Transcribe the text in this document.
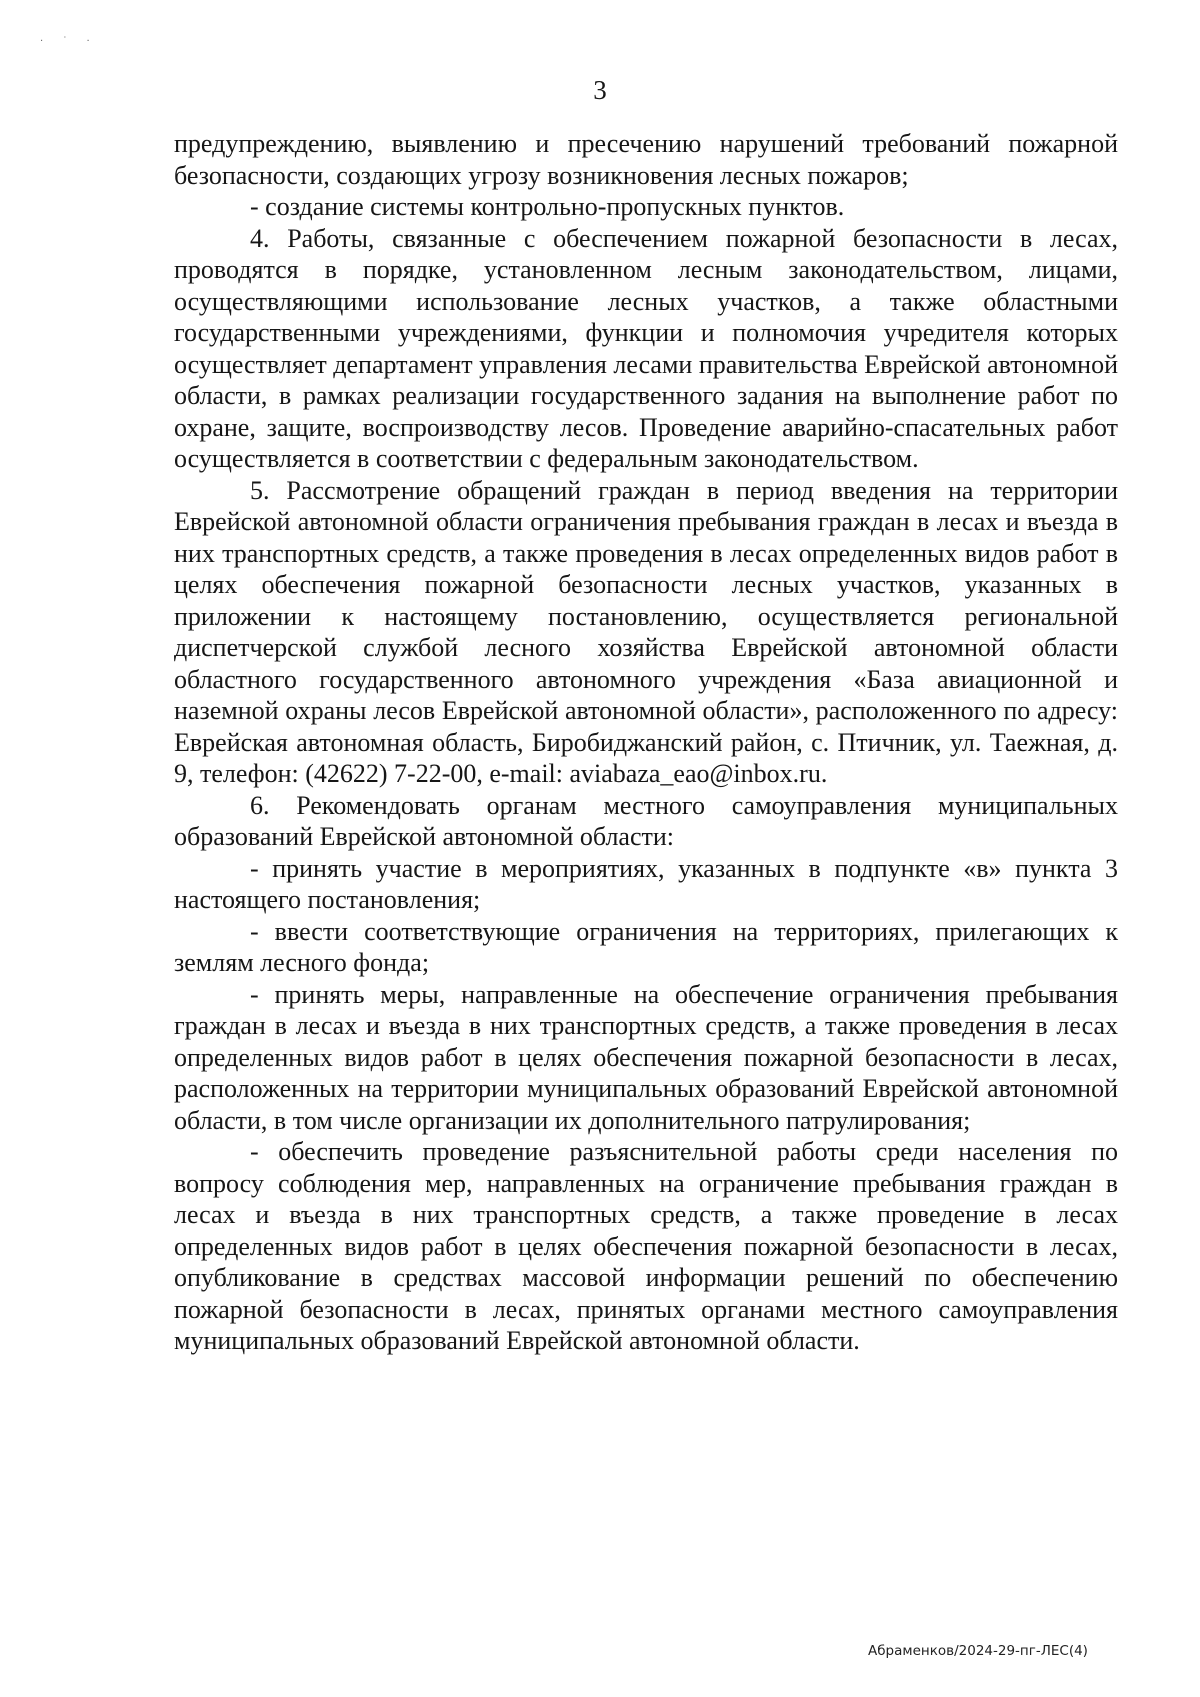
· ˙ ·
3

предупреждению, выявлению и пресечению нарушений требований пожарной безопасности, создающих угрозу возникновения лесных пожаров;

- создание системы контрольно-пропускных пунктов.

4. Работы, связанные с обеспечением пожарной безопасности в лесах, проводятся в порядке, установленном лесным законодательством, лицами, осуществляющими использование лесных участков, а также областными государственными учреждениями, функции и полномочия учредителя которых осуществляет департамент управления лесами правительства Еврейской автономной области, в рамках реализации государственного задания на выполнение работ по охране, защите, воспроизводству лесов. Проведение аварийно-спасательных работ осуществляется в соответствии с федеральным законодательством.

5. Рассмотрение обращений граждан в период введения на территории Еврейской автономной области ограничения пребывания граждан в лесах и въезда в них транспортных средств, а также проведения в лесах определенных видов работ в целях обеспечения пожарной безопасности лесных участков, указанных в приложении к настоящему постановлению, осуществляется региональной диспетчерской службой лесного хозяйства Еврейской автономной области областного государственного автономного учреждения «База авиационной и наземной охраны лесов Еврейской автономной области», расположенного по адресу: Еврейская автономная область, Биробиджанский район, с. Птичник, ул. Таежная, д. 9, телефон: (42622) 7-22-00, e-mail: aviabaza_eao@inbox.ru.

6. Рекомендовать органам местного самоуправления муниципальных образований Еврейской автономной области:

- принять участие в мероприятиях, указанных в подпункте «в» пункта 3 настоящего постановления;

- ввести соответствующие ограничения на территориях, прилегающих к землям лесного фонда;

- принять меры, направленные на обеспечение ограничения пребывания граждан в лесах и въезда в них транспортных средств, а также проведения в лесах определенных видов работ в целях обеспечения пожарной безопасности в лесах, расположенных на территории муниципальных образований Еврейской автономной области, в том числе организации их дополнительного патрулирования;

- обеспечить проведение разъяснительной работы среди населения по вопросу соблюдения мер, направленных на ограничение пребывания граждан в лесах и въезда в них транспортных средств, а также проведение в лесах определенных видов работ в целях обеспечения пожарной безопасности в лесах, опубликование в средствах массовой информации решений по обеспечению пожарной безопасности в лесах, принятых органами местного самоуправления муниципальных образований Еврейской автономной области.

Абраменков/2024-29-пг-ЛЕС(4)
